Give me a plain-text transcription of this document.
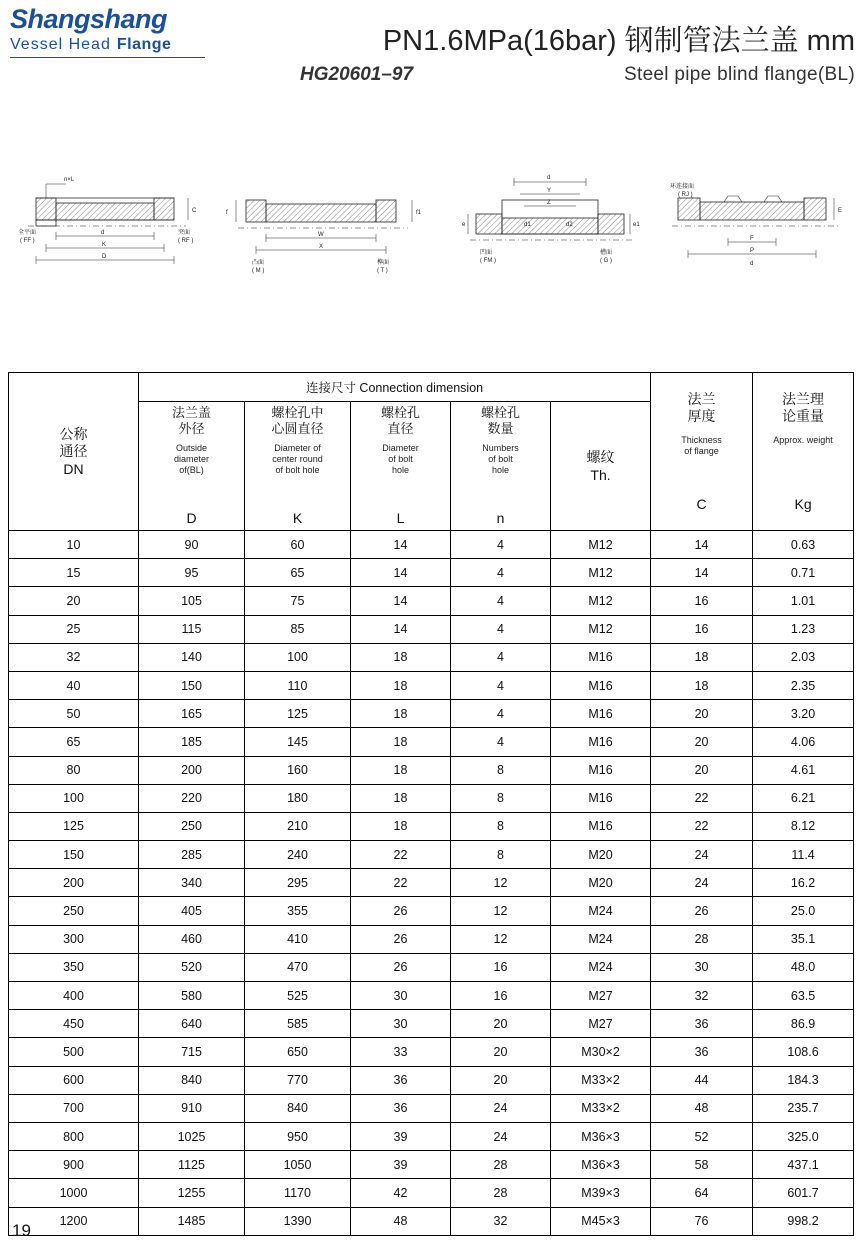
Shangshang
Vessel Head Flange	PN1.6MPa(16bar) 钢制管法兰盖 mm
HG20601–97	Steel pipe blind flange(BL)
n×L
d
K
D
C
全平面
( FF )
突面
( RF )
W
X
f	f1
凸面
( M )
榫面
( T )
d
Y
Z
d1	d2
e	e1
凹面
( FM )
槽面
( G )
F
P
d
E
环连接面
( RJ )
公称
通径
DN
	连接尺寸 Connection dimension	
法兰
厚度
Thickness
of flange
C

法兰理
论重量
Approx. weight
Kg

法兰盖
外径
Outside
diameter
of(BL)
D

螺栓孔中
心圆直径
Diameter of
center round
of bolt hole
K

螺栓孔
直径
Diameter
of bolt
hole
L

螺栓孔
数量
Numbers
of bolt
hole
n

螺纹
Th.

10	90	60	14	4	M12	14	0.63
15	95	65	14	4	M12	14	0.71
20	105	75	14	4	M12	16	1.01
25	115	85	14	4	M12	16	1.23
32	140	100	18	4	M16	18	2.03
40	150	110	18	4	M16	18	2.35
50	165	125	18	4	M16	20	3.20
65	185	145	18	4	M16	20	4.06
80	200	160	18	8	M16	20	4.61
100	220	180	18	8	M16	22	6.21
125	250	210	18	8	M16	22	8.12
150	285	240	22	8	M20	24	11.4
200	340	295	22	12	M20	24	16.2
250	405	355	26	12	M24	26	25.0
300	460	410	26	12	M24	28	35.1
350	520	470	26	16	M24	30	48.0
400	580	525	30	16	M27	32	63.5
450	640	585	30	20	M27	36	86.9
500	715	650	33	20	M30×2	36	108.6
600	840	770	36	20	M33×2	44	184.3
700	910	840	36	24	M33×2	48	235.7
800	1025	950	39	24	M36×3	52	325.0
900	1125	1050	39	28	M36×3	58	437.1
1000	1255	1170	42	28	M39×3	64	601.7
1200	1485	1390	48	32	M45×3	76	998.2
19
